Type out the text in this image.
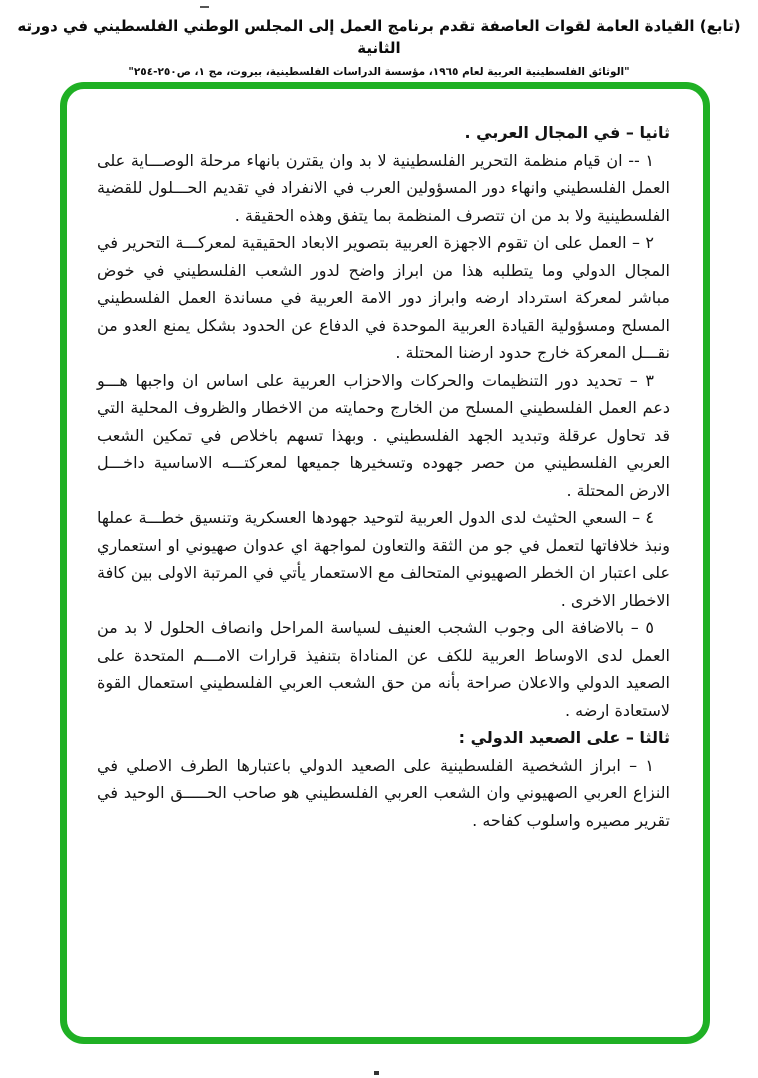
(تابع) القيادة العامة لقوات العاصفة تقدم برنامج العمل إلى المجلس الوطني الفلسطيني في دورته الثانية
"الوثائق الفلسطينية العربية لعام ١٩٦٥، مؤسسة الدراسات الفلسطينية، بيروت، مج ١، ص٢٥٠-٢٥٤"
ثانيا – في المجال العربي .

١ -- ان قيام منظمة التحرير الفلسطينية لا بد وان يقترن بانهاء مرحلة الوصـــاية على العمل الفلسطيني وانهاء دور المسؤولين العرب في الانفراد في تقديم الحـــلول للقضية الفلسطينية ولا بد من ان تتصرف المنظمة بما يتفق وهذه الحقيقة .

٢ – العمل على ان تقوم الاجهزة العربية بتصوير الابعاد الحقيقية لمعركـــة التحرير في المجال الدولي وما يتطلبه هذا من ابراز واضح لدور الشعب الفلسطيني في خوض مباشر لمعركة استرداد ارضه وابراز دور الامة العربية في مساندة العمل الفلسطيني المسلح ومسؤولية القيادة العربية الموحدة في الدفاع عن الحدود بشكل يمنع العدو من نقـــل المعركة خارج حدود ارضنا المحتلة .

٣ – تحديد دور التنظيمات والحركات والاحزاب العربية على اساس ان واجبها هـــو دعم العمل الفلسطيني المسلح من الخارج وحمايته من الاخطار والظروف المحلية التي قد تحاول عرقلة وتبديد الجهد الفلسطيني . وبهذا تسهم باخلاص في تمكين الشعب العربي الفلسطيني من حصر جهوده وتسخيرها جميعها لمعركتـــه الاساسية داخـــل الارض المحتلة .

٤ – السعي الحثيث لدى الدول العربية لتوحيد جهودها العسكرية وتنسيق خطـــة عملها ونبذ خلافاتها لتعمل في جو من الثقة والتعاون لمواجهة اي عدوان صهيوني او استعماري على اعتبار ان الخطر الصهيوني المتحالف مع الاستعمار يأتي في المرتبة الاولى بين كافة الاخطار الاخرى .

٥ – بالاضافة الى وجوب الشجب العنيف لسياسة المراحل وانصاف الحلول لا بد من العمل لدى الاوساط العربية للكف عن المناداة بتنفيذ قرارات الامـــم المتحدة على الصعيد الدولي والاعلان صراحة بأنه من حق الشعب العربي الفلسطيني استعمال القوة لاستعادة ارضه .

ثالثا – على الصعيد الدولي :

١ – ابراز الشخصية الفلسطينية على الصعيد الدولي باعتبارها الطرف الاصلي في النزاع العربي الصهيوني وان الشعب العربي الفلسطيني هو صاحب الحـــــق الوحيد في تقرير مصيره واسلوب كفاحه .
